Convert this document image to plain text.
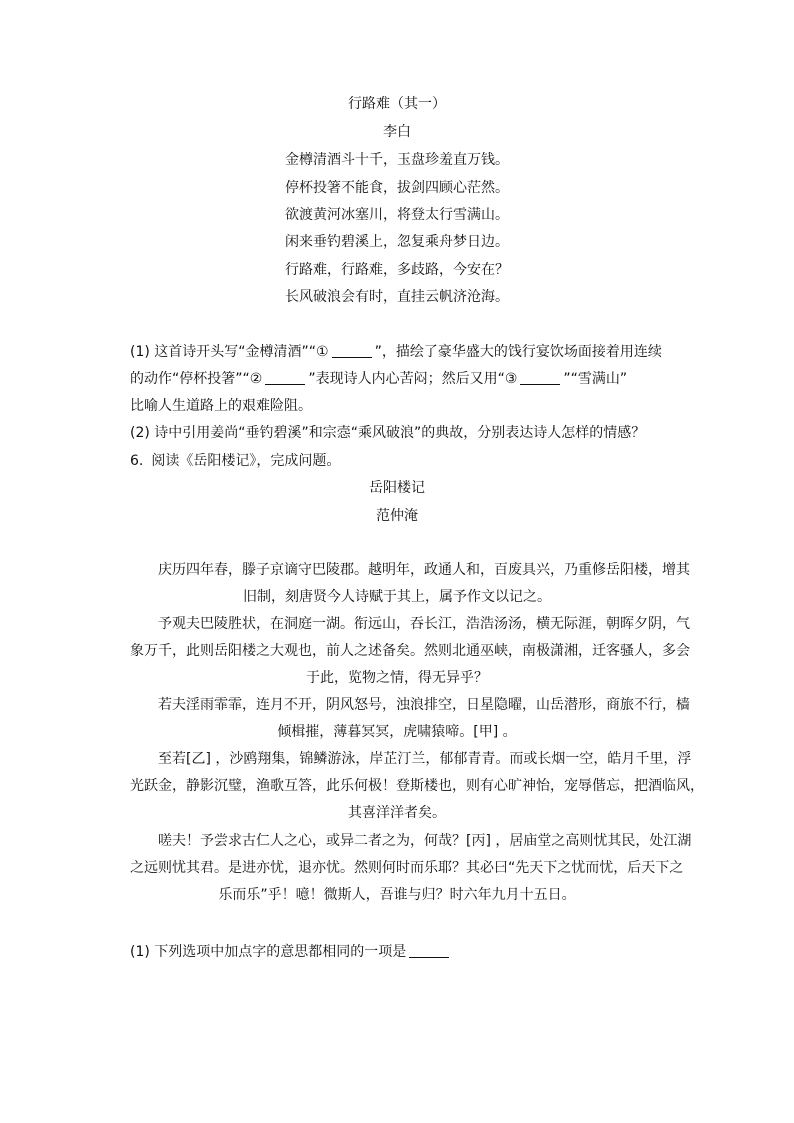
行路难（其一）
李白
金樽清酒斗十千，玉盘珍羞直万钱。
停杯投箸不能食，拔剑四顾心茫然。
欲渡黄河冰塞川，将登太行雪满山。
闲来垂钓碧溪上，忽复乘舟梦日边。
行路难，行路难，多歧路，今安在？
长风破浪会有时，直挂云帆济沧海。
(1) 这首诗开头写“金樽清酒”“①	”，描绘了豪华盛大的饯行宴饮场面接着用连续
的动作“停杯投箸”“②	”表现诗人内心苦闷；然后又用“③	”“雪满山”
比喻人生道路上的艰难险阻。
(2) 诗中引用姜尚“垂钓碧溪”和宗悫“乘风破浪”的典故，分别表达诗人怎样的情感？
6. 阅读《岳阳楼记》，完成问题。
岳阳楼记
范仲淹
庆历四年春，滕子京谪守巴陵郡。越明年，政通人和，百废具兴，乃重修岳阳楼，增其
旧制，刻唐贤今人诗赋于其上，属予作文以记之。
予观夫巴陵胜状，在洞庭一湖。衔远山，吞长江，浩浩汤汤，横无际涯，朝晖夕阴，气
象万千，此则岳阳楼之大观也，前人之述备矣。然则北通巫峡，南极潇湘，迁客骚人，多会
于此，览物之情，得无异乎？
若夫淫雨霏霏，连月不开，阴风怒号，浊浪排空，日星隐曜，山岳潜形，商旅不行，樯
倾楫摧，薄暮冥冥，虎啸猿啼。[甲] 。
至若[乙] ，沙鸥翔集，锦鳞游泳，岸芷汀兰，郁郁青青。而或长烟一空，皓月千里，浮
光跃金，静影沉璧，渔歌互答，此乐何极！登斯楼也，则有心旷神怡，宠辱偕忘，把酒临风，
其喜洋洋者矣。
嗟夫！予尝求古仁人之心，或异二者之为，何哉？[丙] ，居庙堂之高则忧其民，处江湖
之远则忧其君。是进亦忧，退亦忧。然则何时而乐耶？其必曰“先天下之忧而忧，后天下之
乐而乐”乎！噫！微斯人，吾谁与归？时六年九月十五日。
(1) 下列选项中加点字的意思都相同的一项是
